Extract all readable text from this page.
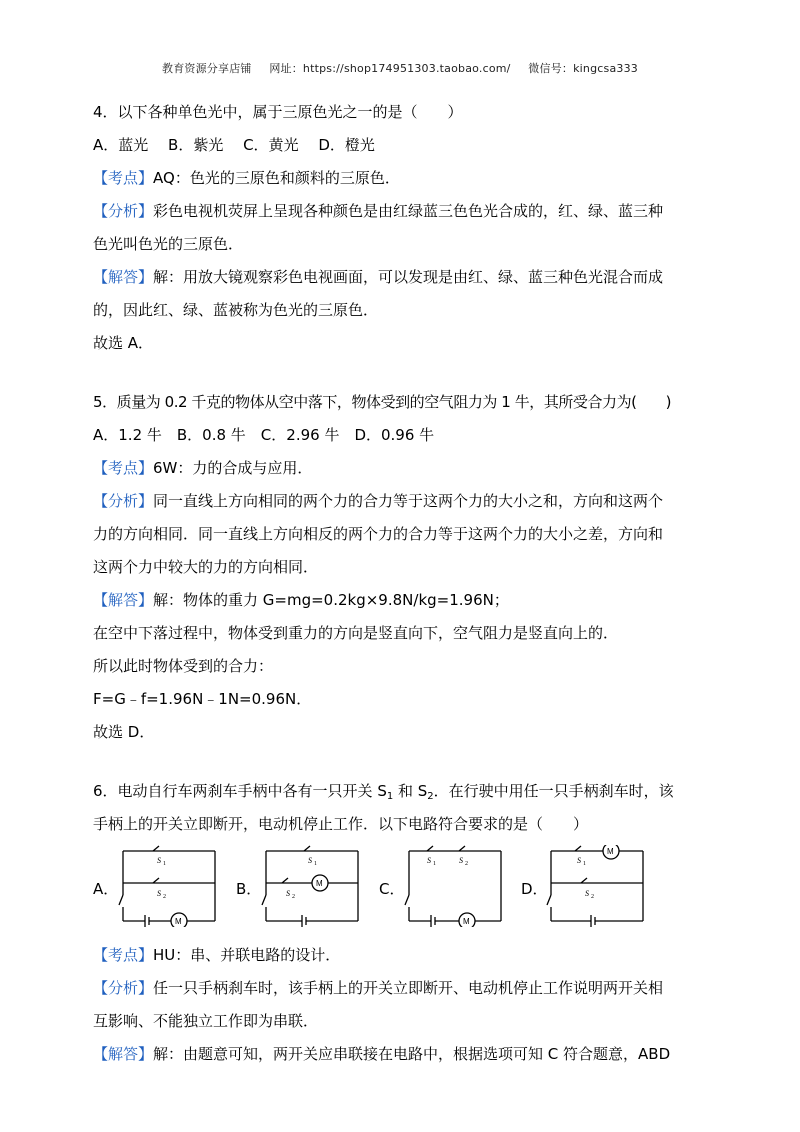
教育资源分享店铺 网址：https://shop174951303.taobao.com/ 微信号：kingcsa333
4．以下各种单色光中，属于三原色光之一的是（　　）
A．蓝光　 B．紫光　 C．黄光　 D．橙光
【考点】AQ：色光的三原色和颜料的三原色．
【分析】彩色电视机荧屏上呈现各种颜色是由红绿蓝三色色光合成的，红、绿、蓝三种
色光叫色光的三原色．
【解答】解：用放大镜观察彩色电视画面，可以发现是由红、绿、蓝三种色光混合而成
的，因此红、绿、蓝被称为色光的三原色．
故选 A．
5．质量为 0.2 千克的物体从空中落下，物体受到的空气阻力为 1 牛，其所受合力为(　　)
A．1.2 牛　B．0.8 牛　C．2.96 牛　D．0.96 牛
【考点】6W：力的合成与应用．
【分析】同一直线上方向相同的两个力的合力等于这两个力的大小之和，方向和这两个
力的方向相同．同一直线上方向相反的两个力的合力等于这两个力的大小之差，方向和
这两个力中较大的力的方向相同．
【解答】解：物体的重力 G=mg=0.2kg×9.8N/kg=1.96N；
在空中下落过程中，物体受到重力的方向是竖直向下，空气阻力是竖直向上的．
所以此时物体受到的合力：
F=G﹣f=1.96N﹣1N=0.96N．
故选 D．
6．电动自行车两刹车手柄中各有一只开关 $S_1$ 和 $S_2$．在行驶中用任一只手柄刹车时，该
手柄上的开关立即断开，电动机停止工作．以下电路符合要求的是（　　）
A．
S 1
S 2
M
B．
S 1
S 2
M	C．
S 1	S 2
M
D．
S 1
S 2
M
【考点】HU：串、并联电路的设计．
【分析】任一只手柄刹车时，该手柄上的开关立即断开、电动机停止工作说明两开关相
互影响、不能独立工作即为串联．
【解答】解：由题意可知，两开关应串联接在电路中，根据选项可知 C 符合题意，ABD
